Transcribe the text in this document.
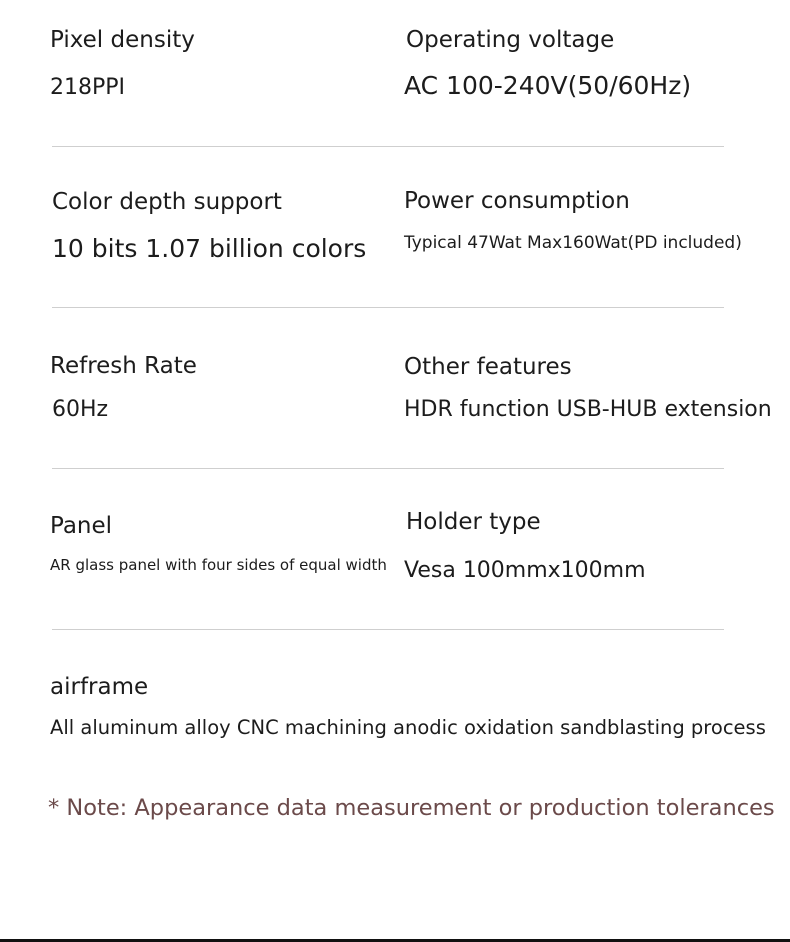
Pixel density

218PPI

Operating voltage

AC 100-240V(50/60Hz)

Color depth support

10 bits 1.07 billion colors

Power consumption

Typical 47Wat Max160Wat(PD included)

Refresh Rate

60Hz

Other features

HDR function USB-HUB extension

Panel

AR glass panel with four sides of equal width

Holder type

Vesa 100mmx100mm

airframe

All aluminum alloy CNC machining anodic oxidation sandblasting process

* Note: Appearance data measurement or production tolerances
